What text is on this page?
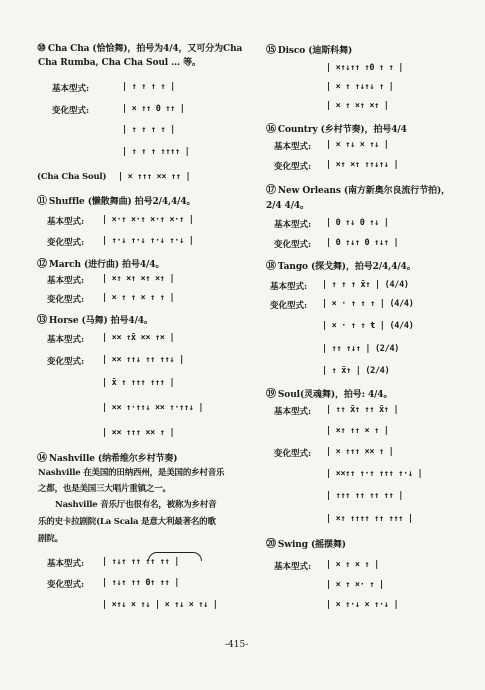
⑩ Cha Cha (恰恰舞)，拍号为4/4，又可分为Cha
Cha Rumba, Cha Cha Soul … 等。
基本型式:	| ↑ ↑ ↑ ↑ |
变化型式:	| × ↑↑ 0 ↑↑ |
| ↑ ↑ ↑ ↑ |
| ↑ ↑ ↑ ↑↑↑↑ |
(Cha Cha Soul) | × ↑↑↑ ×× ↑↑ |
⑪ Shuffle (懒散舞曲) 拍号2/4,4/4。
基本型式: | ×·↑ ×·↑ ×·↑ ×·↑ |
变化型式: | ↑·↓ ↑·↓ ↑·↓ ↑·↓ |
⑫ March (进行曲) 拍号4/4。
基本型式: | ×↑ ×↑ ×↑ ×↑ |
变化型式: | × ↑ ↑ × ↑ ↑ |
⑬ Horse (马舞) 拍号4/4。
基本型式: | ×× ↑x̄ ×× ↑× |
变化型式: | ×× ↑↑↓ ↑↑ ↑↑↓ |
| x̄ ↑ ↑↑↑ ↑↑↑ |
| ×× ↑·↑↑↓ ×× ↑·↑↑↓ |
| ×× ↑↑↑ ×× ↑ |
⑭ Nashville (纳希维尔乡村节奏)
Nashville 在美国的田纳西州，是美国的乡村音乐
之都，也是美国三大唱片重镇之一。
Nashville 音乐厅也很有名，被称为乡村音
乐的史卡拉剧院(La Scala 是意大利最著名的歌
剧院。
基本型式: | ↑↓↑ ↑↑ ↑↑ ↑↑ |
变化型式: | ↑↓↑ ↑↑ 0↑ ↑↑ |
| ×↑↓ × ↑↓ | × ↑↓ × ↑↓ |
-415-
⑮ Disco (迪斯科舞)
| ×↑↓↑↑ ↑0 ↑ ↑ |
| × ↑ ↑↓↑↓ ↑ |
| × ↑ ×↑ ×↑ |
⑯ Country (乡村节奏)，拍号4/4
基本型式: | × ↑↓ × ↑↓ |
变化型式: | ×↑ ×↑ ↑↑↓↑↓ |
⑰ New Orleans (南方新奥尔良流行节拍)，
2/4 4/4。
基本型式: | 0 ↑↓ 0 ↑↓ |
变化型式: | 0 ↑↓↑ 0 ↑↓↑ |
⑱ Tango (探戈舞)，拍号2/4,4/4。
基本型式: | ↑ ↑ ↑ x̄↑ | (4/4)
变化型式: | × · ↑ ↑ ↑ | (4/4)
| × · ↑ ↑ ŧ | (4/4)
| ↑↑ ↑↓↑ | (2/4)
| ↑ x̄↑ | (2/4)
⑲ Soul(灵魂舞)，拍号: 4/4。
基本型式: | ↑↑ x̄↑ ↑↑ x̄↑ |
| ×↑ ↑↑ × ↑ |
变化型式: | × ↑↑↑ ×× ↑ |
| ××↑↑ ↑·↑ ↑↑↑ ↑·↓ |
| ↑↑↑ ↑↑ ↑↑ ↑↑ |
| ×↑ ↑↑↑↑ ↑↑ ↑↑↑ |
⑳ Swing (摇摆舞)
基本型式: | × ↑ × ↑ |
| × ↑ ×· ↑ |
| × ↑·↓ × ↑·↓ |
